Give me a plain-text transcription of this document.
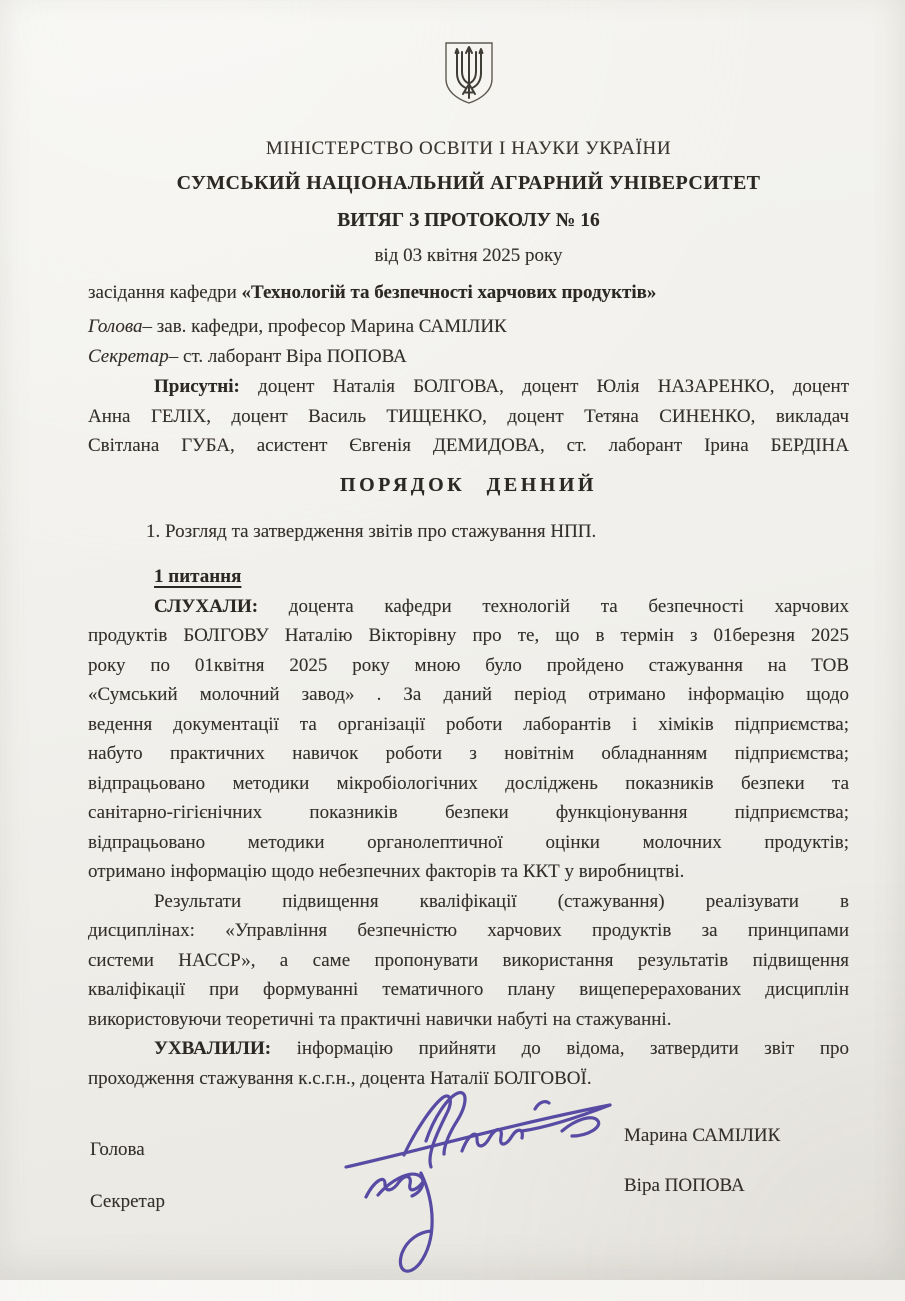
МІНІСТЕРСТВО ОСВІТИ І НАУКИ УКРАЇНИ
СУМСЬКИЙ НАЦІОНАЛЬНИЙ АГРАРНИЙ УНІВЕРСИТЕТ
ВИТЯГ З ПРОТОКОЛУ № 16
від 03 квітня 2025 року
засідання кафедри «Технологій та безпечності харчових продуктів»
Голова– зав. кафедри, професор Марина САМІЛИК
Секретар– ст. лаборант Віра ПОПОВА
Присутні: доцент Наталія БОЛГОВА, доцент Юлія НАЗАРЕНКО, доцент
Анна ГЕЛІХ, доцент Василь ТИЩЕНКО, доцент Тетяна СИНЕНКО, викладач
Світлана ГУБА, асистент Євгенія ДЕМИДОВА, ст. лаборант Ірина БЕРДІНА
ПОРЯДОК ДЕННИЙ
1. Розгляд та затвердження звітів про стажування НПП.
1 питання
СЛУХАЛИ: доцента кафедри технологій та безпечності харчових
продуктів БОЛГОВУ Наталію Вікторівну про те, що в термін з 01березня 2025
року по 01квітня 2025 року мною було пройдено стажування на ТОВ
«Сумський молочний завод» . За даний період отримано інформацію щодо
ведення документації та організації роботи лаборантів і хіміків підприємства;
набуто практичних навичок роботи з новітнім обладнанням підприємства;
відпрацьовано методики мікробіологічних досліджень показників безпеки та
санітарно-гігієнічних показників безпеки функціонування підприємства;
відпрацьовано методики органолептичної оцінки молочних продуктів;
отримано інформацію щодо небезпечних факторів та ККТ у виробництві.
Результати підвищення кваліфікації (стажування) реалізувати в
дисциплінах: «Управління безпечністю харчових продуктів за принципами
системи НАССР», а саме пропонувати використання результатів підвищення
кваліфікації при формуванні тематичного плану вищеперерахованих дисциплін
використовуючи теоретичні та практичні навички набуті на стажуванні.
УХВАЛИЛИ: інформацію прийняти до відома, затвердити звіт про
проходження стажування к.с.г.н., доцента Наталії БОЛГОВОЇ.
Голова
Секретар
Марина САМІЛИК
Віра ПОПОВА
